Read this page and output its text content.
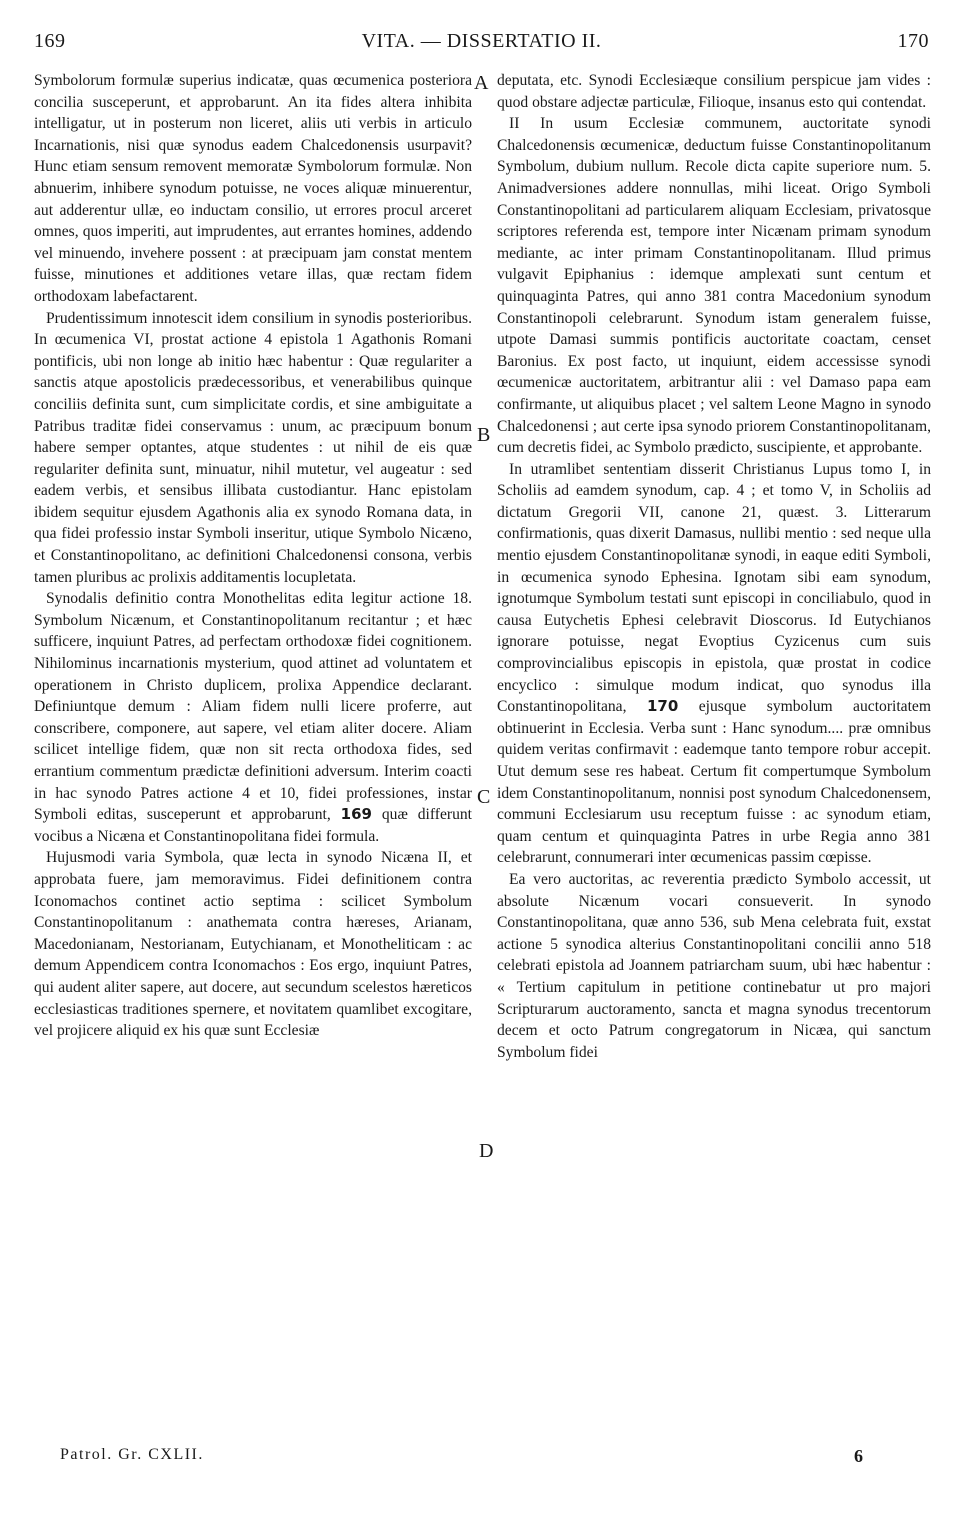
169	VITA. — DISSERTATIO II.	170
A
B
C
D

Symbolorum formulæ superius indicatæ, quas œcumenica posteriora concilia susceperunt, et approbarunt. An ita fides altera inhibita intelligatur, ut in posterum non liceret, aliis uti verbis in articulo Incarnationis, nisi quæ synodus eadem Chalcedonensis usurpavit? Hunc etiam sensum removent memoratæ Symbolorum formulæ. Non abnuerim, inhibere synodum potuisse, ne voces aliquæ minuerentur, aut adderentur ullæ, eo inductam consilio, ut errores procul arceret omnes, quos imperiti, aut imprudentes, aut errantes homines, addendo vel minuendo, invehere possent : at præcipuam jam constat mentem fuisse, minutiones et additiones vetare illas, quæ rectam fidem orthodoxam labefactarent.

Prudentissimum innotescit idem consilium in synodis posterioribus. In œcumenica VI, prostat actione 4 epistola 1 Agathonis Romani pontificis, ubi non longe ab initio hæc habentur : Quæ regulariter a sanctis atque apostolicis prædecessoribus, et venerabilibus quinque conciliis definita sunt, cum simplicitate cordis, et sine ambiguitate a Patribus traditæ fidei conservamus : unum, ac præcipuum bonum habere semper optantes, atque studentes : ut nihil de eis quæ regulariter definita sunt, minuatur, nihil mutetur, vel augeatur : sed eadem verbis, et sensibus illibata custodiantur. Hanc epistolam ibidem sequitur ejusdem Agathonis alia ex synodo Romana data, in qua fidei professio instar Symboli inseritur, utique Symbolo Nicæno, et Constantinopolitano, ac definitioni Chalcedonensi consona, verbis tamen pluribus ac prolixis additamentis locupletata.

Synodalis definitio contra Monothelitas edita legitur actione 18. Symbolum Nicænum, et Constantinopolitanum recitantur ; et hæc sufficere, inquiunt Patres, ad perfectam orthodoxæ fidei cognitionem. Nihilominus incarnationis mysterium, quod attinet ad voluntatem et operationem in Christo duplicem, prolixa Appendice declarant. Definiuntque demum : Aliam fidem nulli licere proferre, aut conscribere, componere, aut sapere, vel etiam aliter docere. Aliam scilicet intellige fidem, quæ non sit recta orthodoxa fides, sed errantium commentum prædictæ definitioni adversum. Interim coacti in hac synodo Patres actione 4 et 10, fidei professiones, instar Symboli editas, susceperunt et approbarunt, 169 quæ differunt vocibus a Nicæna et Constantinopolitana fidei formula.

Hujusmodi varia Symbola, quæ lecta in synodo Nicæna II, et approbata fuere, jam memoravimus. Fidei definitionem contra Iconomachos continet actio septima : scilicet Symbolum Constantinopolitanum : anathemata contra hæreses, Arianam, Macedonianam, Nestorianam, Eutychianam, et Monotheliticam : ac demum Appendicem contra Iconomachos : Eos ergo, inquiunt Patres, qui audent aliter sapere, aut docere, aut secundum scelestos hæreticos ecclesiasticas traditiones spernere, et novitatem quamlibet excogitare, vel projicere aliquid ex his quæ sunt Ecclesiæ

deputata, etc. Synodi Ecclesiæque consilium perspicue jam vides : quod obstare adjectæ particulæ, Filioque, insanus esto qui contendat.

II In usum Ecclesiæ communem, auctoritate synodi Chalcedonensis œcumenicæ, deductum fuisse Constantinopolitanum Symbolum, dubium nullum. Recole dicta capite superiore num. 5. Animadversiones addere nonnullas, mihi liceat. Origo Symboli Constantinopolitani ad particularem aliquam Ecclesiam, privatosque scriptores referenda est, tempore inter Nicænam primam synodum mediante, ac inter primam Constantinopolitanam. Illud primus vulgavit Epiphanius : idemque amplexati sunt centum et quinquaginta Patres, qui anno 381 contra Macedonium synodum Constantinopoli celebrarunt. Synodum istam generalem fuisse, utpote Damasi summis pontificis auctoritate coactam, censet Baronius. Ex post facto, ut inquiunt, eidem accessisse synodi œcumenicæ auctoritatem, arbitrantur alii : vel Damaso papa eam confirmante, ut aliquibus placet ; vel saltem Leone Magno in synodo Chalcedonensi ; aut certe ipsa synodo priorem Constantinopolitanam, cum decretis fidei, ac Symbolo prædicto, suscipiente, et approbante.

In utramlibet sententiam disserit Christianus Lupus tomo I, in Scholiis ad eamdem synodum, cap. 4 ; et tomo V, in Scholiis ad dictatum Gregorii VII, canone 21, quæst. 3. Litterarum confirmationis, quas dixerit Damasus, nullibi mentio : sed neque ulla mentio ejusdem Constantinopolitanæ synodi, in eaque editi Symboli, in œcumenica synodo Ephesina. Ignotam sibi eam synodum, ignotumque Symbolum testati sunt episcopi in conciliabulo, quod in causa Eutychetis Ephesi celebravit Dioscorus. Id Eutychianos ignorare potuisse, negat Evoptius Cyzicenus cum suis comprovincialibus episcopis in epistola, quæ prostat in codice encyclico : simulque modum indicat, quo synodus illa Constantinopolitana, 170 ejusque symbolum auctoritatem obtinuerint in Ecclesia. Verba sunt : Hanc synodum.... præ omnibus quidem veritas confirmavit : eademque tanto tempore robur accepit. Utut demum sese res habeat. Certum fit compertumque Symbolum idem Constantinopolitanum, nonnisi post synodum Chalcedonensem, communi Ecclesiarum usu receptum fuisse : ac synodum etiam, quam centum et quinquaginta Patres in urbe Regia anno 381 celebrarunt, connumerari inter œcumenicas passim cœpisse.

Ea vero auctoritas, ac reverentia prædicto Symbolo accessit, ut absolute Nicænum vocari consueverit. In synodo Constantinopolitana, quæ anno 536, sub Mena celebrata fuit, exstat actione 5 synodica alterius Constantinopolitani concilii anno 518 celebrati epistola ad Joannem patriarcham suum, ubi hæc habentur : « Tertium capitulum in petitione continebatur ut pro majori Scripturarum auctoramento, sancta et magna synodus trecentorum decem et octo Patrum congregatorum in Nicæa, qui sanctum Symbolum fidei

Patrol. Gr. CXLII.	6
